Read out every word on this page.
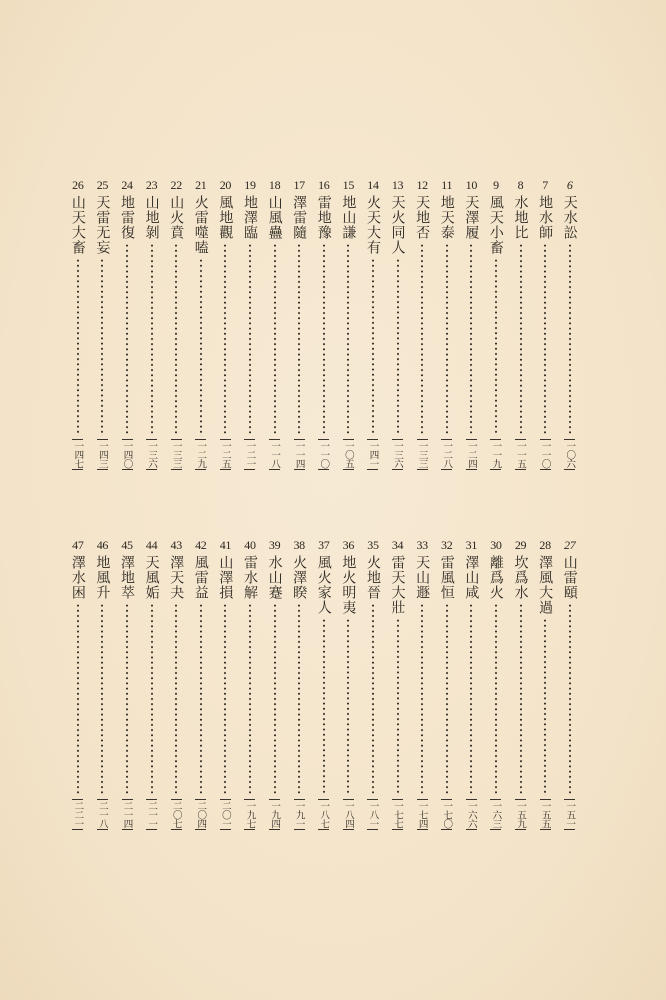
6
天水訟
一〇六
7
地水師
一一〇
8
水地比
一一五
9
風天小畜
一一九
10
天澤履
一二四
11
地天泰
一二八
12
天地否
一三三
13
天火同人
一三六
14
火天大有
一四一
15
地山謙
一〇五
16
雷地豫
一一〇
17
澤雷隨
一一四
18
山風蠱
一一八
19
地澤臨
一二一
20
風地觀
一二五
21
火雷噬嗑
一二九
22
山火賁
一三三
23
山地剝
一三六
24
地雷復
一四〇
25
天雷无妄
一四三
26
山天大畜
一四七
27
山雷頤
一五一
28
澤風大過
一五五
29
坎爲水
一五九
30
離爲火
一六三
31
澤山咸
一六六
32
雷風恒
一七〇
33
天山遯
一七四
34
雷天大壯
一七七
35
火地晉
一八一
36
地火明夷
一八四
37
風火家人
一八七
38
火澤睽
一九一
39
水山蹇
一九四
40
雷水解
一九七
41
山澤損
二〇一
42
風雷益
二〇四
43
澤天夬
二〇七
44
天風姤
二一一
45
澤地萃
二一四
46
地風升
二一八
47
澤水困
二二一
